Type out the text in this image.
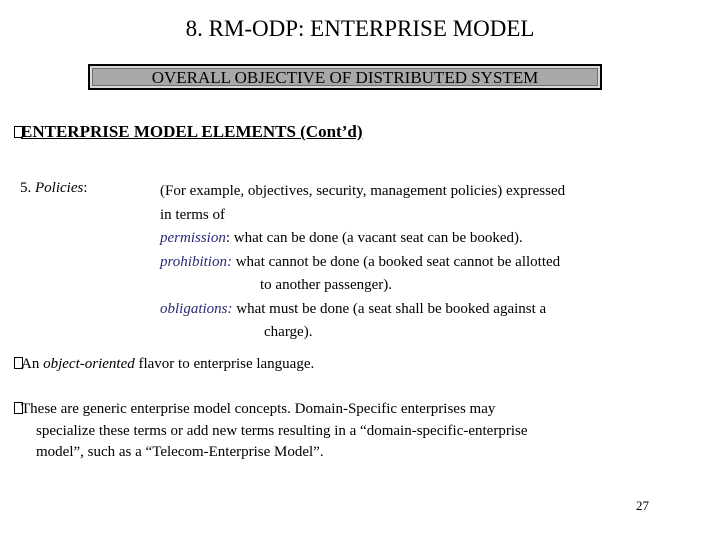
8. RM-ODP: ENTERPRISE MODEL
OVERALL OBJECTIVE OF DISTRIBUTED SYSTEM
ENTERPRISE MODEL ELEMENTS (Cont’d)
5. Policies:	(For example, objectives, security, management policies) expressed
in terms of
permission: what can be done (a vacant seat can be booked).
prohibition: what cannot be done (a booked seat cannot be allotted
to another passenger).
obligations: what must be done (a seat shall be booked against a
charge).
An object-oriented flavor to enterprise language.
These are generic enterprise model concepts. Domain-Specific enterprises may
specialize these terms or add new terms resulting in a “domain-specific-enterprise
model”, such as a “Telecom-Enterprise Model”.
27
